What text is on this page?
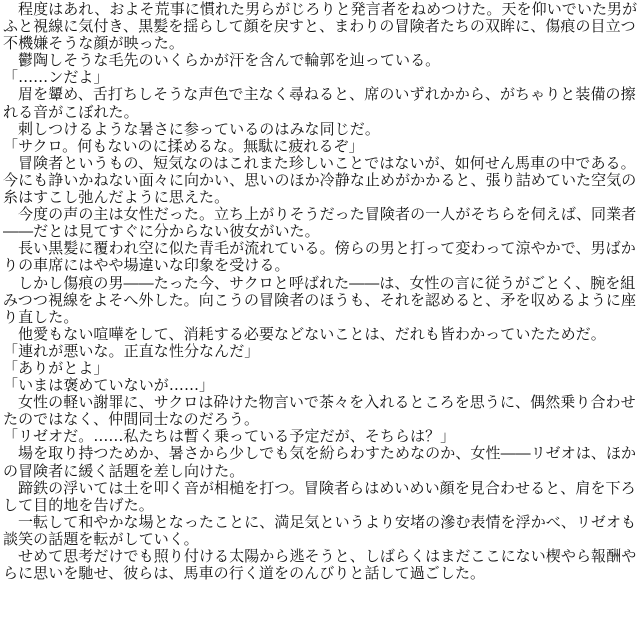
程度はあれ、およそ荒事に慣れた男らがじろりと発言者をねめつけた。天を仰いでいた男がふと視線に気付き、黒髪を揺らして顔を戻すと、まわりの冒険者たちの双眸に、傷痕の目立つ不機嫌そうな顔が映った。

鬱陶しそうな毛先のいくらかが汗を含んで輪郭を辿っている。

「……ンだよ」

眉を顰め、舌打ちしそうな声色で主なく尋ねると、席のいずれかから、がちゃりと装備の擦れる音がこぼれた。

刺しつけるような暑さに参っているのはみな同じだ。

「サクロ。何もないのに揉めるな。無駄に疲れるぞ」

冒険者というもの、短気なのはこれまた珍しいことではないが、如何せん馬車の中である。今にも諍いかねない面々に向かい、思いのほか冷静な止めがかかると、張り詰めていた空気の糸はすこし弛んだように思えた。

今度の声の主は女性だった。立ち上がりそうだった冒険者の一人がそちらを伺えば、同業者――だとは見てすぐに分からない彼女がいた。

長い黒髪に覆われ空に似た青毛が流れている。傍らの男と打って変わって涼やかで、男ばかりの車席にはやや場違いな印象を受ける。

しかし傷痕の男――たった今、サクロと呼ばれた――は、女性の言に従うがごとく、腕を組みつつ視線をよそへ外した。向こうの冒険者のほうも、それを認めると、矛を収めるように座り直した。

他愛もない喧嘩をして、消耗する必要などないことは、だれも皆わかっていたためだ。

「連れが悪いな。正直な性分なんだ」

「ありがとよ」

「いまは褒めていないが……」

女性の軽い謝罪に、サクロは砕けた物言いで茶々を入れるところを思うに、偶然乗り合わせたのではなく、仲間同士なのだろう。

「リゼオだ。……私たちは暫く乗っている予定だが、そちらは？」

場を取り持つためか、暑さから少しでも気を紛らわすためなのか、女性――リゼオは、ほかの冒険者に緩く話題を差し向けた。

蹄鉄の浮いては土を叩く音が相槌を打つ。冒険者らはめいめい顔を見合わせると、肩を下ろして目的地を告げた。

一転して和やかな場となったことに、満足気というより安堵の滲む表情を浮かべ、リゼオも談笑の話題を転がしていく。

せめて思考だけでも照り付ける太陽から逃そうと、しばらくはまだここにない楔やら報酬やらに思いを馳せ、彼らは、馬車の行く道をのんびりと話して過ごした。
